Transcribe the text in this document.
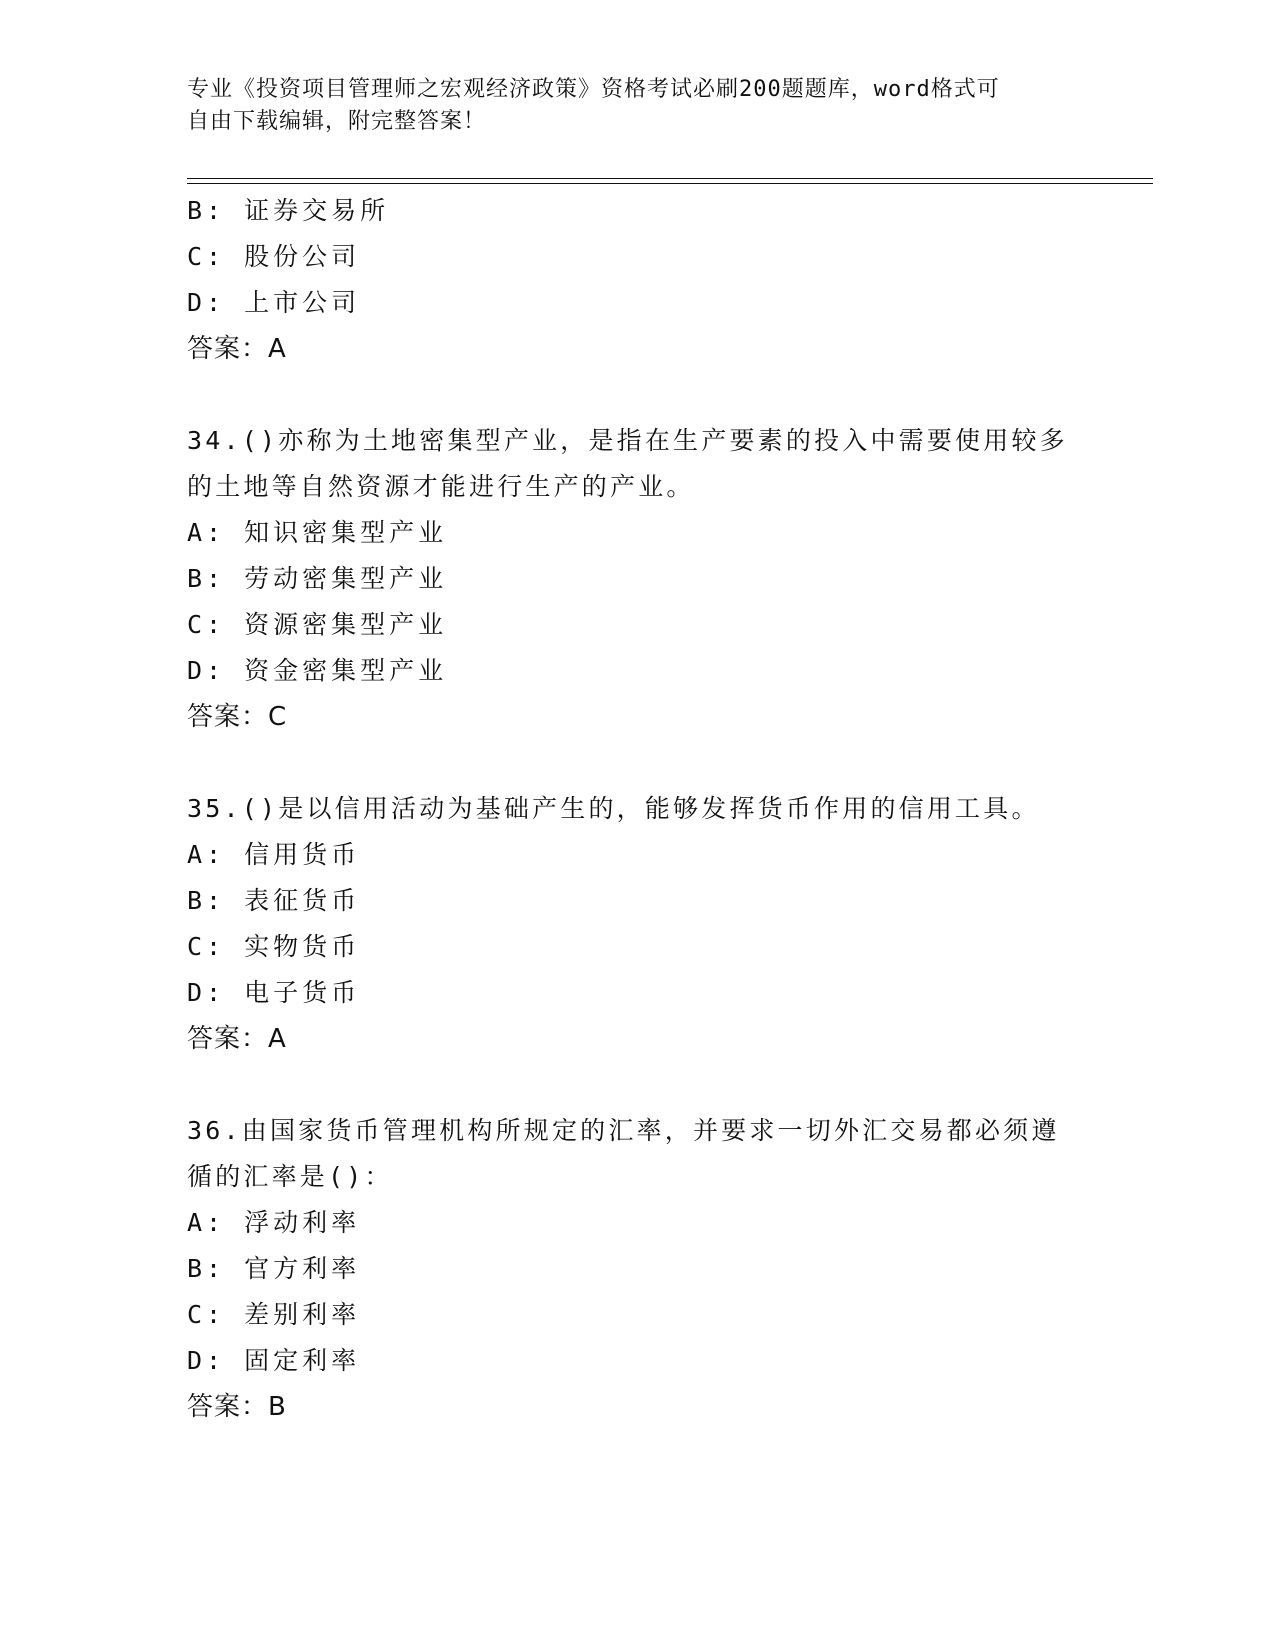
专业《投资项目管理师之宏观经济政策》资格考试必刷200题题库，word格式可
自由下载编辑，附完整答案！
B: 证券交易所
C: 股份公司
D: 上市公司
答案：A
34.()亦称为土地密集型产业，是指在生产要素的投入中需要使用较多
的土地等自然资源才能进行生产的产业。
A: 知识密集型产业
B: 劳动密集型产业
C: 资源密集型产业
D: 资金密集型产业
答案：C
35.()是以信用活动为基础产生的，能够发挥货币作用的信用工具。
A: 信用货币
B: 表征货币
C: 实物货币
D: 电子货币
答案：A
36.由国家货币管理机构所规定的汇率，并要求一切外汇交易都必须遵
循的汇率是()：
A: 浮动利率
B: 官方利率
C: 差别利率
D: 固定利率
答案：B
